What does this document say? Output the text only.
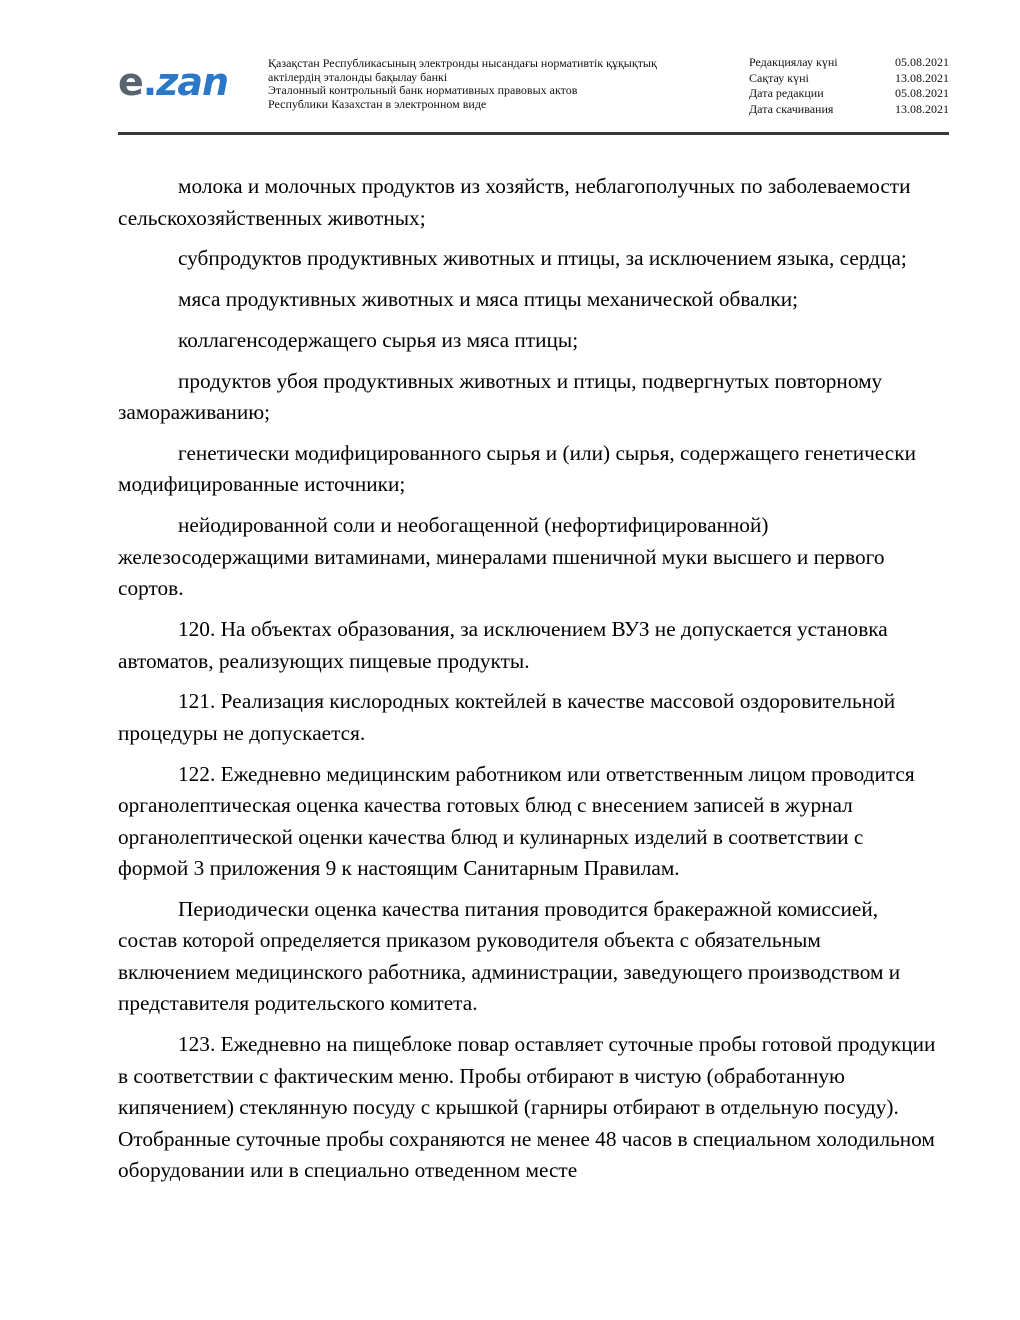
e.zan	Қазақстан Республикасының электронды нысандағы нормативтік құқықтық
актілердің эталонды бақылау банкі
Эталонный контрольный банк нормативных правовых актов
Республики Казахстан в электронном виде
Редакциялау күні	05.08.2021
Сақтау күні	13.08.2021
Дата редакции	05.08.2021
Дата скачивания	13.08.2021

молока и молочных продуктов из хозяйств, неблагополучных по заболеваемости сельскохозяйственных животных;

субпродуктов продуктивных животных и птицы, за исключением языка, сердца;

мяса продуктивных животных и мяса птицы механической обвалки;

коллагенсодержащего сырья из мяса птицы;

продуктов убоя продуктивных животных и птицы, подвергнутых повторному замораживанию;

генетически модифицированного сырья и (или) сырья, содержащего генетически модифицированные источники;

нейодированной соли и необогащенной (нефортифицированной) железосодержащими витаминами, минералами пшеничной муки высшего и первого сортов.

120. На объектах образования, за исключением ВУЗ не допускается установка автоматов, реализующих пищевые продукты.

121. Реализация кислородных коктейлей в качестве массовой оздоровительной процедуры не допускается.

122. Ежедневно медицинским работником или ответственным лицом проводится органолептическая оценка качества готовых блюд с внесением записей в журнал органолептической оценки качества блюд и кулинарных изделий в соответствии с формой 3 приложения 9 к настоящим Санитарным Правилам.

Периодически оценка качества питания проводится бракеражной комиссией, состав которой определяется приказом руководителя объекта с обязательным включением медицинского работника, администрации, заведующего производством и представителя родительского комитета.

123. Ежедневно на пищеблоке повар оставляет суточные пробы готовой продукции в соответствии с фактическим меню. Пробы отбирают в чистую (обработанную кипячением) стеклянную посуду с крышкой (гарниры отбирают в отдельную посуду). Отобранные суточные пробы сохраняются не менее 48 часов в специальном холодильном оборудовании или в специально отведенном месте
